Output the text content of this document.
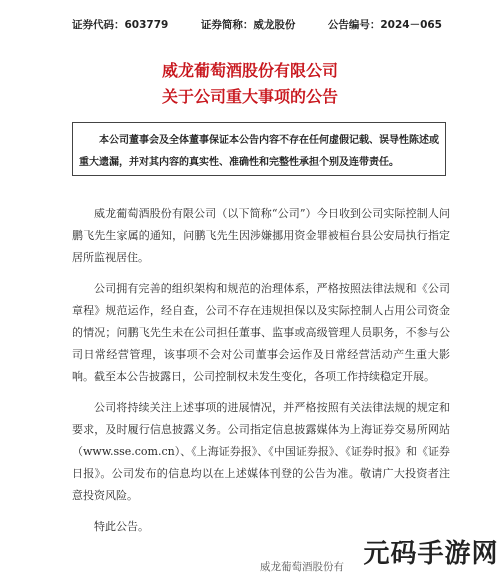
证券代码：603779	证券简称：威龙股份	公告编号：2024－065
威龙葡萄酒股份有限公司
关于公司重大事项的公告
本公司董事会及全体董事保证本公告内容不存在任何虚假记载、误导性陈述或重大遗漏，并对其内容的真实性、准确性和完整性承担个别及连带责任。

威龙葡萄酒股份有限公司（以下简称“公司”）今日收到公司实际控制人问鹏飞先生家属的通知，问鹏飞先生因涉嫌挪用资金罪被桓台县公安局执行指定居所监视居住。

公司拥有完善的组织架构和规范的治理体系，严格按照法律法规和《公司章程》规范运作，经自查，公司不存在违规担保以及实际控制人占用公司资金的情况；问鹏飞先生未在公司担任董事、监事或高级管理人员职务，不参与公司日常经营管理，该事项不会对公司董事会运作及日常经营活动产生重大影响。截至本公告披露日，公司控制权未发生变化，各项工作持续稳定开展。

公司将持续关注上述事项的进展情况，并严格按照有关法律法规的规定和要求，及时履行信息披露义务。公司指定信息披露媒体为上海证券交易所网站（www.sse.com.cn）、《上海证券报》、《中国证券报》、《证券时报》和《证券日报》。公司发布的信息均以在上述媒体刊登的公告为准。敬请广大投资者注意投资风险。

特此公告。

威龙葡萄酒股份有 元码手游网
